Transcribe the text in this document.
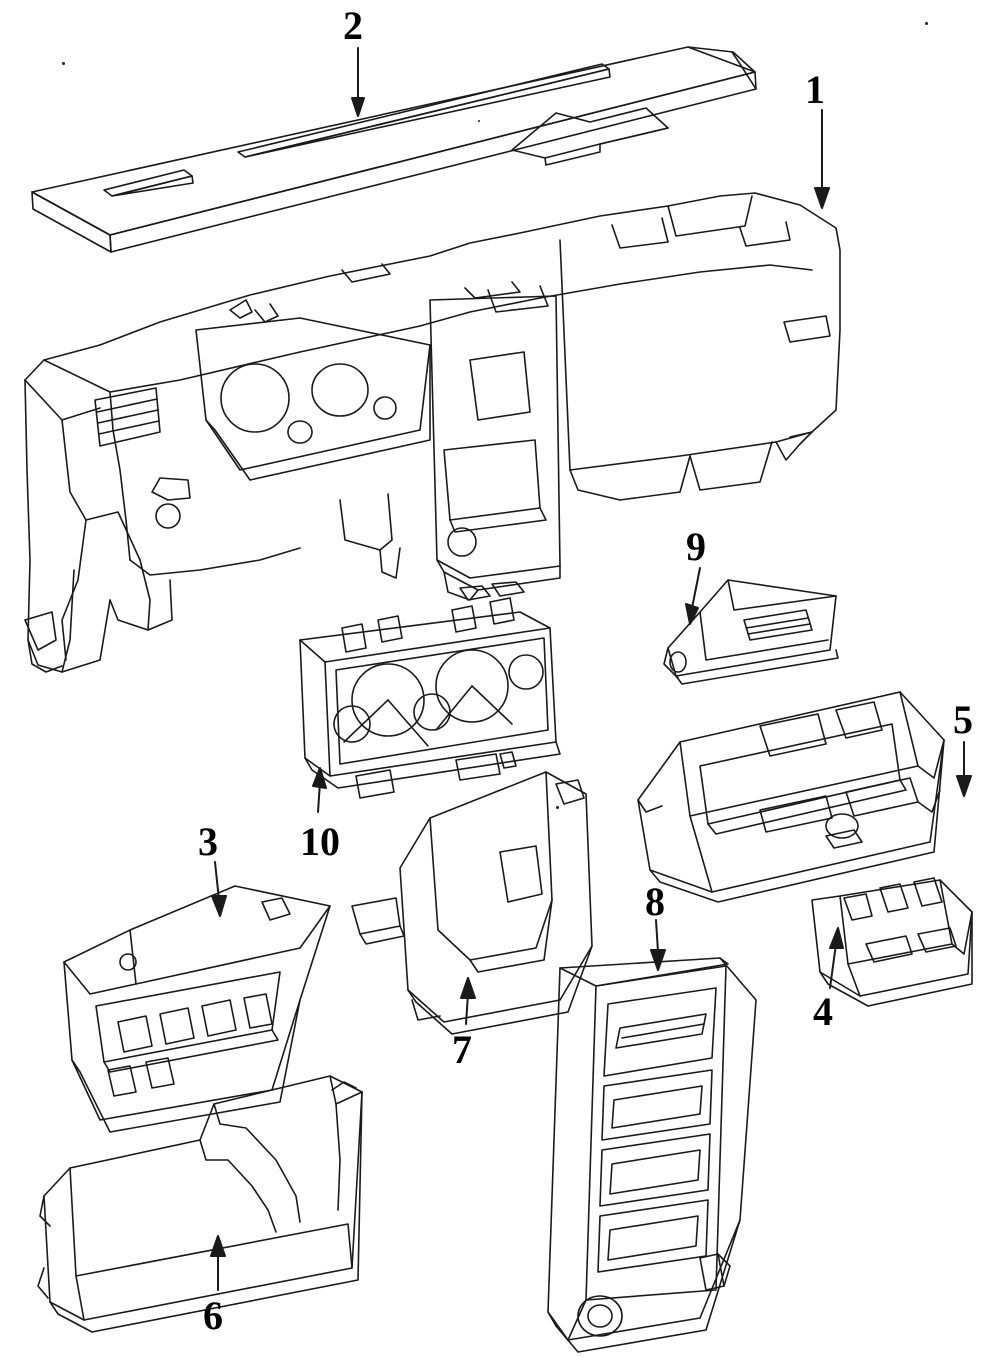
2
1
9
5
3 10
8
4
7
6
